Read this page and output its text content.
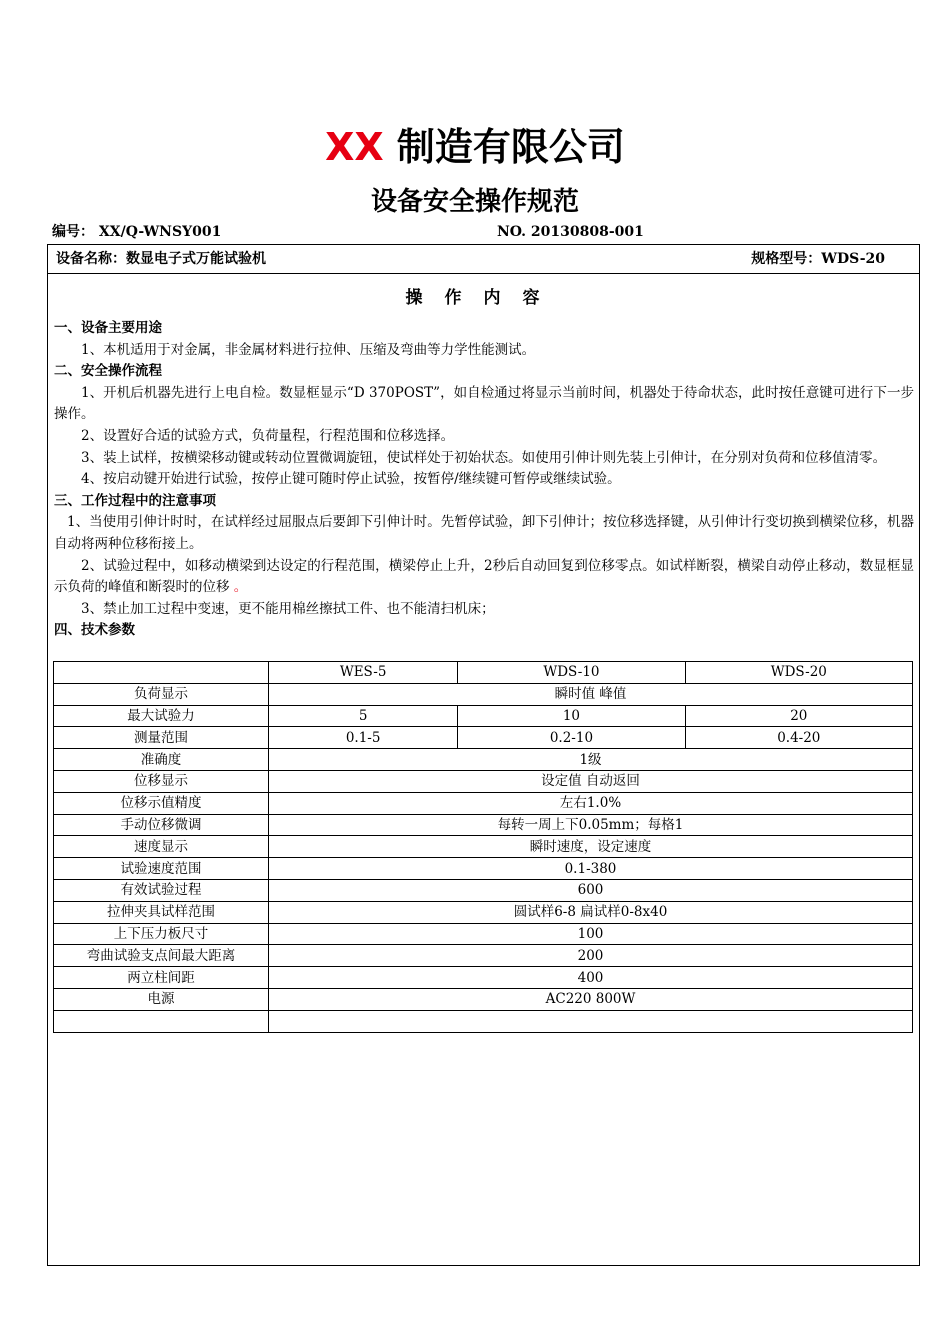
XX 制造有限公司
设备安全操作规范
编号： XX/Q-WNSY001	NO. 20130808-001
设备名称：数显电子式万能试验机	规格型号：WDS-20
操作内容
一、设备主要用途
1、本机适用于对金属，非金属材料进行拉伸、压缩及弯曲等力学性能测试。
二、安全操作流程
1、开机后机器先进行上电自检。数显框显示“D 370POST”，如自检通过将显示当前时间，机器处于待命状态，此时按任意键可进行下一步操作。
2、设置好合适的试验方式，负荷量程，行程范围和位移选择。
3、装上试样，按横梁移动键或转动位置微调旋钮，使试样处于初始状态。如使用引伸计则先装上引伸计，在分别对负荷和位移值清零。
4、按启动键开始进行试验，按停止键可随时停止试验，按暂停/继续键可暂停或继续试验。
三、工作过程中的注意事项
1、当使用引伸计时时，在试样经过屈服点后要卸下引伸计时。先暂停试验，卸下引伸计；按位移选择键，从引伸计行变切换到横梁位移，机器自动将两种位移衔接上。
2、试验过程中，如移动横梁到达设定的行程范围，横梁停止上升，2秒后自动回复到位移零点。如试样断裂，横梁自动停止移动，数显框显示负荷的峰值和断裂时的位移 。
3、禁止加工过程中变速，更不能用棉丝擦拭工件、也不能清扫机床；
四、技术参数
	WES-5	WDS-10	WDS-20
负荷显示	瞬时值 峰值		
最大试验力	5	10	20
测量范围	0.1-5	0.2-10	0.4-20
准确度	1级		
位移显示	设定值 自动返回		
位移示值精度	左右1.0%		
手动位移微调	每转一周上下0.05mm；每格1		
速度显示	瞬时速度，设定速度		
试验速度范围	0.1-380		
有效试验过程	600		
拉伸夹具试样范围	圆试样6-8 扁试样0-8x40		
上下压力板尺寸	100		
弯曲试验支点间最大距离	200		
两立柱间距	400		
电源	AC220 800W		
